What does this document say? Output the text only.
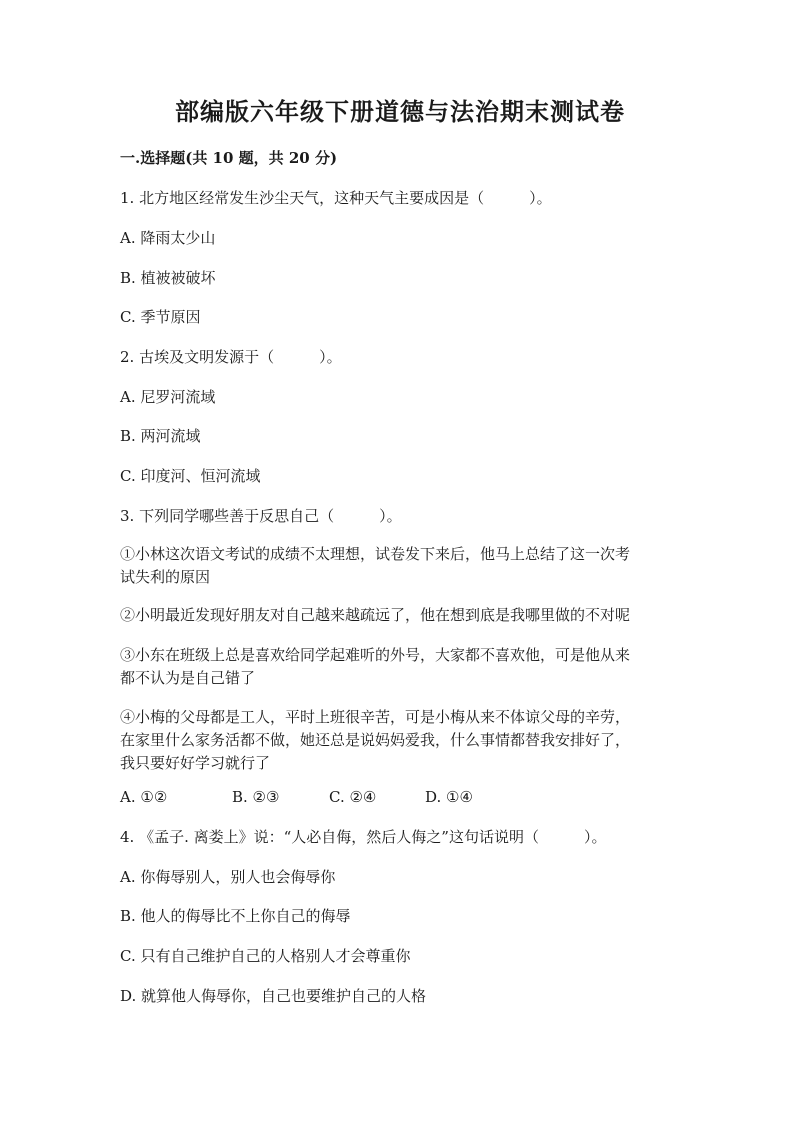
部编版六年级下册道德与法治期末测试卷
一.选择题(共 10 题，共 20 分)
1. 北方地区经常发生沙尘天气，这种天气主要成因是（　　　）。
A. 降雨太少山
B. 植被被破坏
C. 季节原因
2. 古埃及文明发源于（　　　）。
A. 尼罗河流域
B. 两河流域
C. 印度河、恒河流域
3. 下列同学哪些善于反思自己（　　　）。
①小林这次语文考试的成绩不太理想，试卷发下来后，他马上总结了这一次考
试失利的原因
②小明最近发现好朋友对自己越来越疏远了，他在想到底是我哪里做的不对呢
③小东在班级上总是喜欢给同学起难听的外号，大家都不喜欢他，可是他从来
都不认为是自己错了
④小梅的父母都是工人，平时上班很辛苦，可是小梅从来不体谅父母的辛劳，
在家里什么家务活都不做，她还总是说妈妈爱我，什么事情都替我安排好了，
我只要好好学习就行了
A. ①②	B. ②③	C. ②④	D. ①④
4. 《孟子. 离娄上》说：“人必自侮，然后人侮之”这句话说明（　　　）。
A. 你侮辱别人，别人也会侮辱你
B. 他人的侮辱比不上你自己的侮辱
C. 只有自己维护自己的人格别人才会尊重你
D. 就算他人侮辱你，自己也要维护自己的人格
